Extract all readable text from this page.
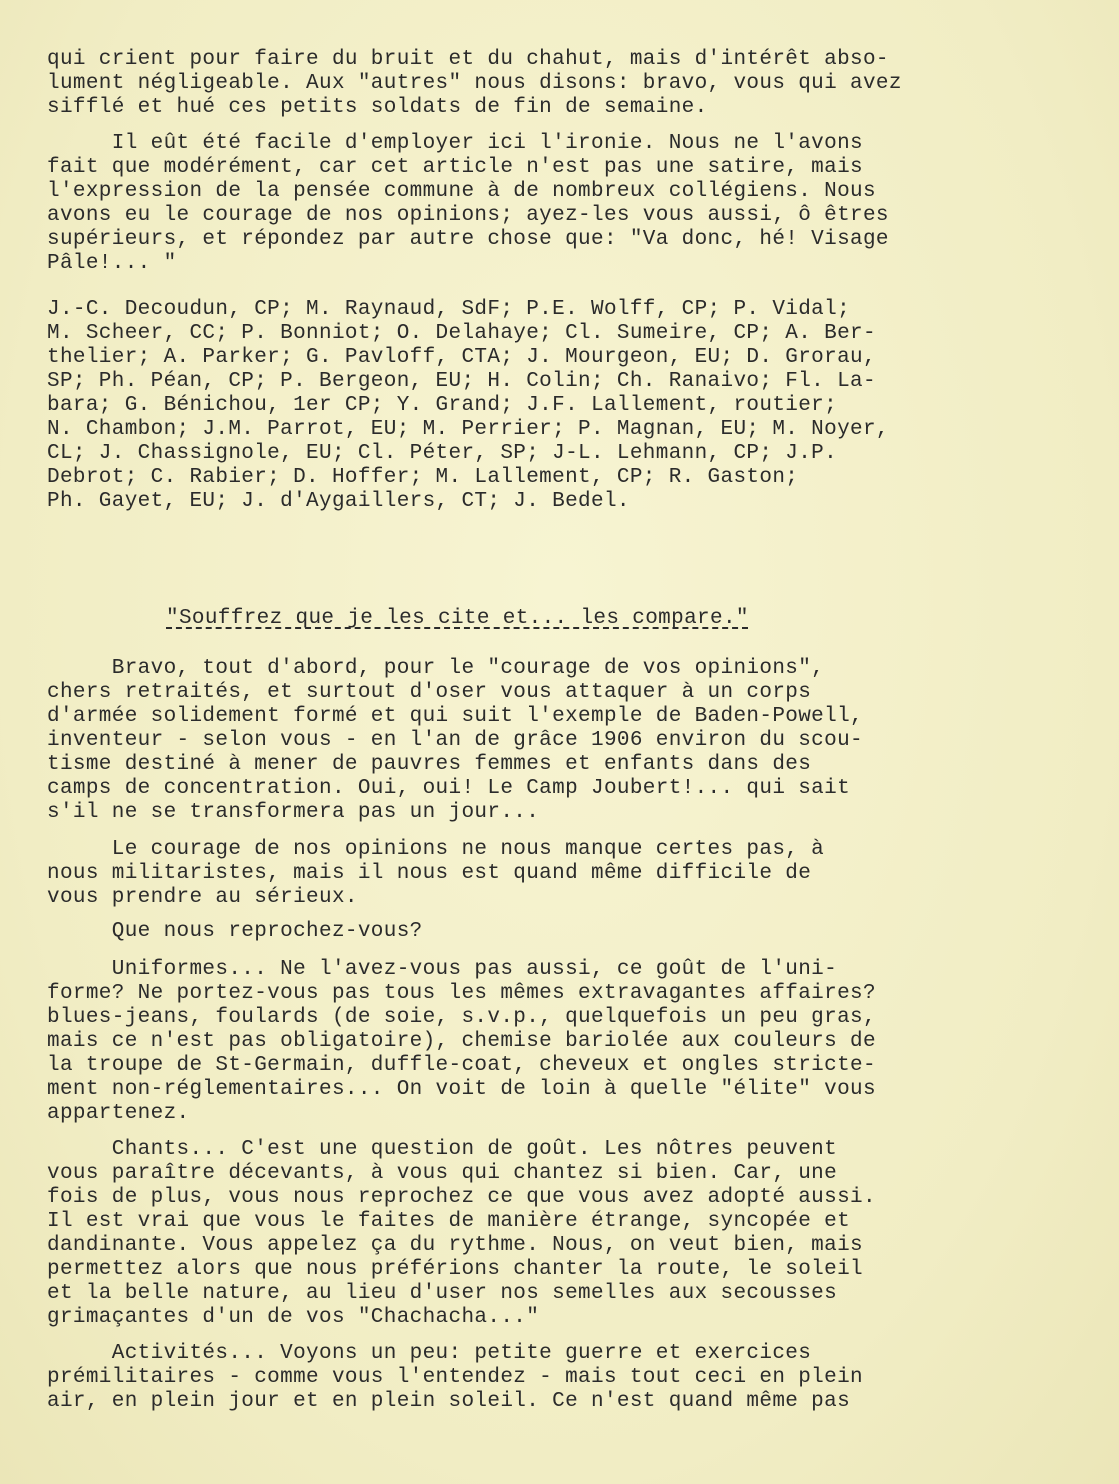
qui crient pour faire du bruit et du chahut, mais d'intérêt abso-
lument négligeable. Aux "autres" nous disons: bravo, vous qui avez
sifflé et hué ces petits soldats de fin de semaine.

Il eût été facile d'employer ici l'ironie. Nous ne l'avons
fait que modérément, car cet article n'est pas une satire, mais
l'expression de la pensée commune à de nombreux collégiens. Nous
avons eu le courage de nos opinions; ayez-les vous aussi, ô êtres
supérieurs, et répondez par autre chose que: "Va donc, hé! Visage
Pâle!... "

J.-C. Decoudun, CP; M. Raynaud, SdF; P.E. Wolff, CP; P. Vidal;
M. Scheer, CC; P. Bonniot; O. Delahaye; Cl. Sumeire, CP; A. Ber-
thelier; A. Parker; G. Pavloff, CTA; J. Mourgeon, EU; D. Grorau,
SP; Ph. Péan, CP; P. Bergeon, EU; H. Colin; Ch. Ranaivo; Fl. La-
bara; G. Bénichou, 1er CP; Y. Grand; J.F. Lallement, routier;
N. Chambon; J.M. Parrot, EU; M. Perrier; P. Magnan, EU; M. Noyer,
CL; J. Chassignole, EU; Cl. Péter, SP; J-L. Lehmann, CP; J.P.
Debrot; C. Rabier; D. Hoffer; M. Lallement, CP; R. Gaston;
Ph. Gayet, EU; J. d'Aygaillers, CT; J. Bedel.

"Souffrez que je les cite et... les compare."

Bravo, tout d'abord, pour le "courage de vos opinions",
chers retraités, et surtout d'oser vous attaquer à un corps
d'armée solidement formé et qui suit l'exemple de Baden-Powell,
inventeur - selon vous - en l'an de grâce 1906 environ du scou-
tisme destiné à mener de pauvres femmes et enfants dans des
camps de concentration. Oui, oui! Le Camp Joubert!... qui sait
s'il ne se transformera pas un jour...

Le courage de nos opinions ne nous manque certes pas, à
nous militaristes, mais il nous est quand même difficile de
vous prendre au sérieux.

Que nous reprochez-vous?

Uniformes... Ne l'avez-vous pas aussi, ce goût de l'uni-
forme? Ne portez-vous pas tous les mêmes extravagantes affaires?
blues-jeans, foulards (de soie, s.v.p., quelquefois un peu gras,
mais ce n'est pas obligatoire), chemise bariolée aux couleurs de
la troupe de St-Germain, duffle-coat, cheveux et ongles stricte-
ment non-réglementaires... On voit de loin à quelle "élite" vous
appartenez.

Chants... C'est une question de goût. Les nôtres peuvent
vous paraître décevants, à vous qui chantez si bien. Car, une
fois de plus, vous nous reprochez ce que vous avez adopté aussi.
Il est vrai que vous le faites de manière étrange, syncopée et
dandinante. Vous appelez ça du rythme. Nous, on veut bien, mais
permettez alors que nous préférions chanter la route, le soleil
et la belle nature, au lieu d'user nos semelles aux secousses
grimaçantes d'un de vos "Chachacha..."

Activités... Voyons un peu: petite guerre et exercices
prémilitaires - comme vous l'entendez - mais tout ceci en plein
air, en plein jour et en plein soleil. Ce n'est quand même pas
